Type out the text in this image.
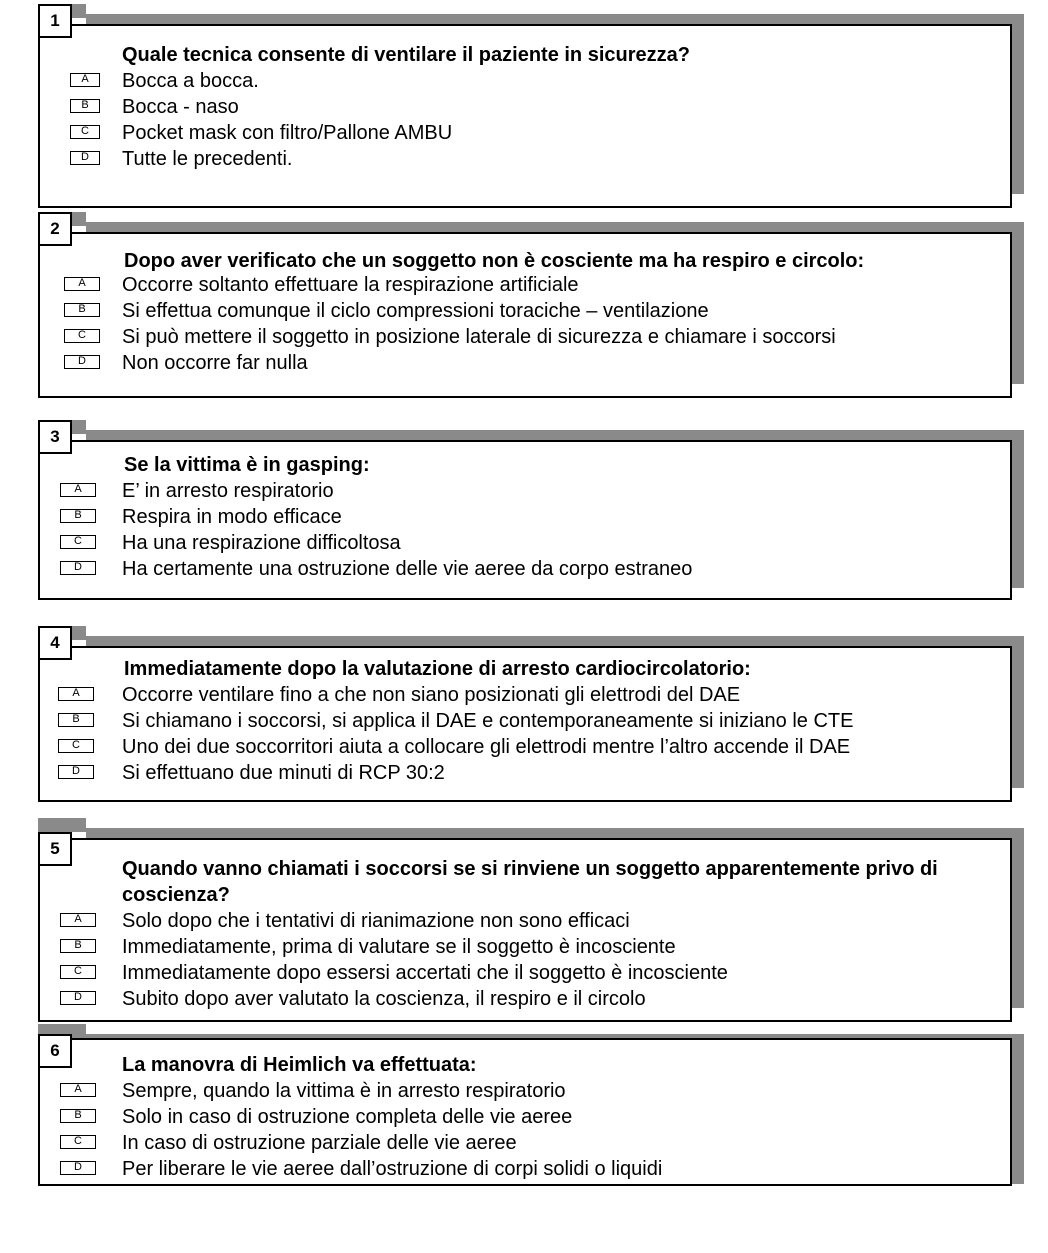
1
Quale tecnica consente di ventilare il paziente in sicurezza?
A	Bocca a bocca.
B	Bocca - naso
C	Pocket mask con filtro/Pallone AMBU
D	Tutte le precedenti.
2
Dopo aver verificato che un soggetto non è cosciente ma ha respiro e circolo:
A	Occorre soltanto effettuare la respirazione artificiale
B	Si effettua comunque il ciclo compressioni toraciche – ventilazione
C	Si può mettere il soggetto in posizione laterale di sicurezza e chiamare i soccorsi
D	Non occorre far nulla
3
Se la vittima è in gasping:
A	E’ in arresto respiratorio
B	Respira in modo efficace
C	Ha una respirazione difficoltosa
D	Ha certamente una ostruzione delle vie aeree da corpo estraneo
4
Immediatamente dopo la valutazione di arresto cardiocircolatorio:
A	Occorre ventilare fino a che non siano posizionati gli elettrodi del DAE
B	Si chiamano i soccorsi, si applica il DAE e contemporaneamente si iniziano le CTE
C	Uno dei due soccorritori aiuta a collocare gli elettrodi mentre l’altro accende il DAE
D	Si effettuano due minuti di RCP 30:2
5
Quando vanno chiamati i soccorsi se si rinviene un soggetto apparentemente privo di coscienza?
A	Solo dopo che i tentativi di rianimazione non sono efficaci
B	Immediatamente, prima di valutare se il soggetto è incosciente
C	Immediatamente dopo essersi accertati che il soggetto è incosciente
D	Subito dopo aver valutato la coscienza, il respiro e il circolo
6
La manovra di Heimlich va effettuata:
A	Sempre, quando la vittima è in arresto respiratorio
B	Solo in caso di ostruzione completa delle vie aeree
C	In caso di ostruzione parziale delle vie aeree
D	Per liberare le vie aeree dall’ostruzione di corpi solidi o liquidi
